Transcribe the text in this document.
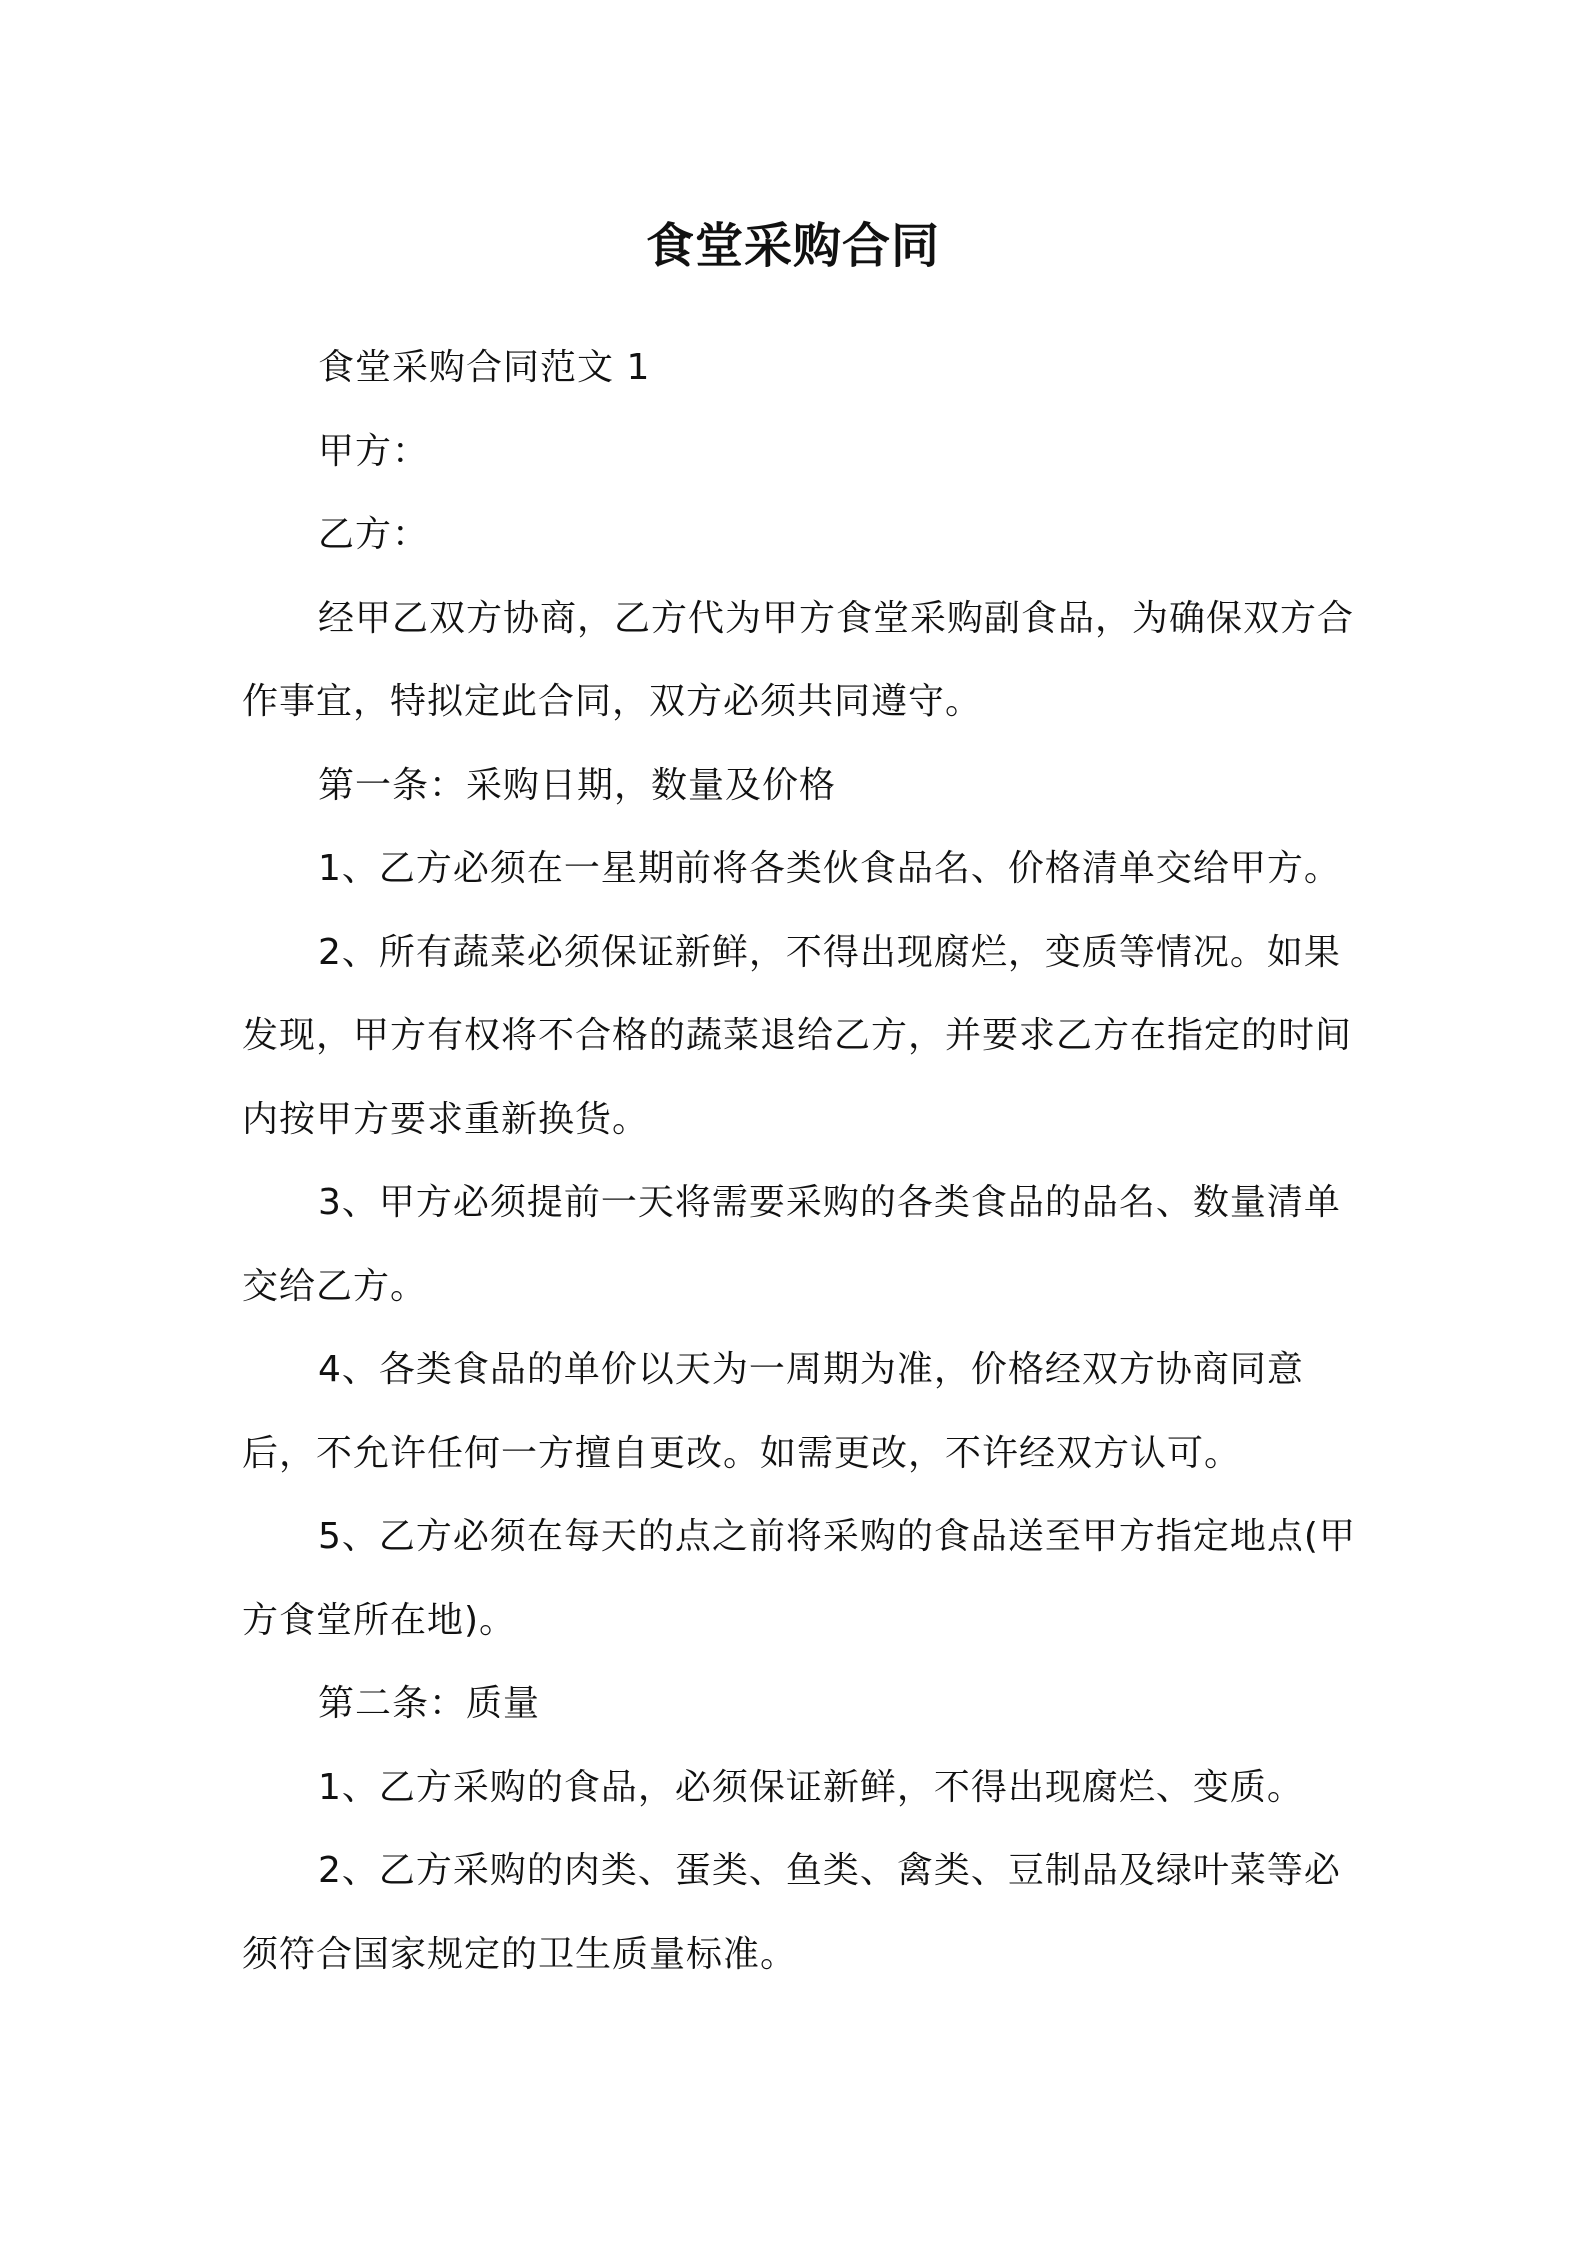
食堂采购合同

食堂采购合同范文 1

甲方：

乙方：

经甲乙双方协商，乙方代为甲方食堂采购副食品，为确保双方合作事宜，特拟定此合同，双方必须共同遵守。

第一条：采购日期，数量及价格

1、乙方必须在一星期前将各类伙食品名、价格清单交给甲方。

2、所有蔬菜必须保证新鲜，不得出现腐烂，变质等情况。如果发现，甲方有权将不合格的蔬菜退给乙方，并要求乙方在指定的时间内按甲方要求重新换货。

3、甲方必须提前一天将需要采购的各类食品的品名、数量清单交给乙方。

4、各类食品的单价以天为一周期为准，价格经双方协商同意后，不允许任何一方擅自更改。如需更改，不许经双方认可。

5、乙方必须在每天的点之前将采购的食品送至甲方指定地点(甲方食堂所在地)。

第二条：质量

1、乙方采购的食品，必须保证新鲜，不得出现腐烂、变质。

2、乙方采购的肉类、蛋类、鱼类、禽类、豆制品及绿叶菜等必须符合国家规定的卫生质量标准。
